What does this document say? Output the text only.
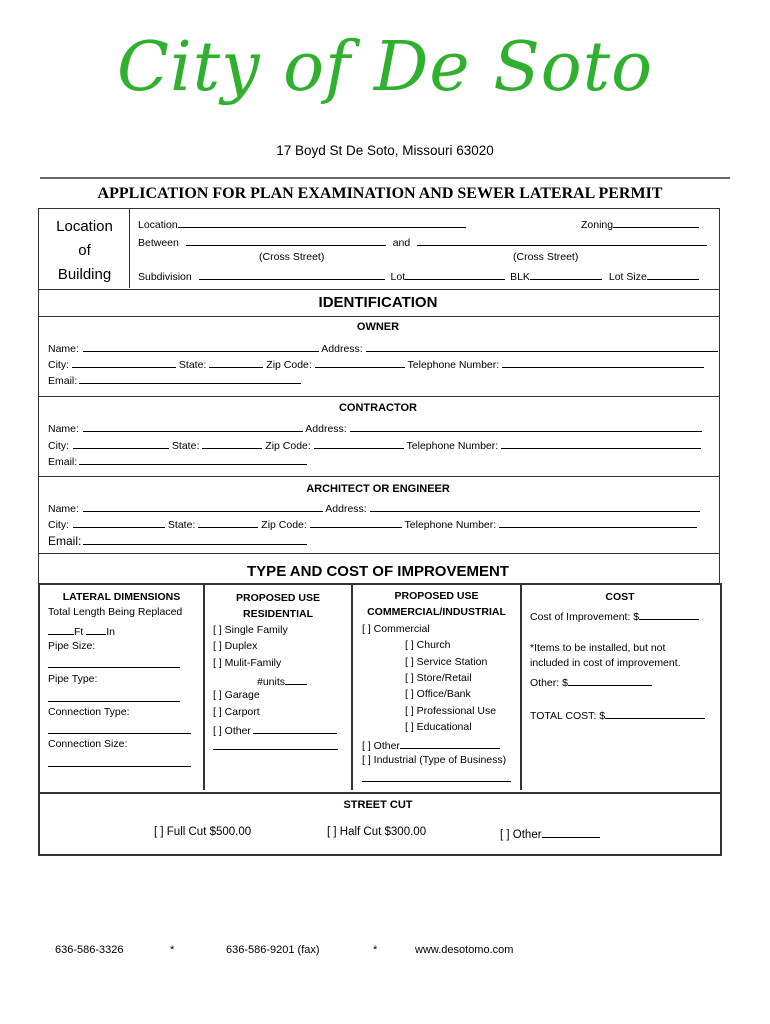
City of De Soto
17 Boyd St De Soto, Missouri 63020
APPLICATION FOR PLAN EXAMINATION AND SEWER LATERAL PERMIT
Location
of
Building
Location	Zoning
Between	and
(Cross Street)	(Cross Street)
Subdivision	Lot	BLK	Lot Size
IDENTIFICATION
OWNER
Name:	Address:
City:	State:	Zip Code:	Telephone Number:
Email:
CONTRACTOR
Name:	Address:
City:	State:	Zip Code:	Telephone Number:
Email:
ARCHITECT OR ENGINEER
Name:	Address:
City:	State:	Zip Code:	Telephone Number:
Email:
TYPE AND COST OF IMPROVEMENT
LATERAL DIMENSIONS
Total Length Being Replaced
Ft In
Pipe Size:
Pipe Type:
Connection Type:
Connection Size:
PROPOSED USE
RESIDENTIAL
[ ] Single Family
[ ] Duplex
[ ] Mulit-Family
#units
[ ] Garage
[ ] Carport
[ ] Other
PROPOSED USE
COMMERCIAL/INDUSTRIAL
[ ] Commercial
[ ] Church
[ ] Service Station
[ ] Store/Retail
[ ] Office/Bank
[ ] Professional Use
[ ] Educational
[ ] Other
[ ] Industrial (Type of Business)
COST
Cost of Improvement: $
*Items to be installed, but not
included in cost of improvement.
Other: $
TOTAL COST: $
STREET CUT
[ ] Full Cut $500.00	[ ] Half Cut $300.00	[ ] Other
636-586-3326	*	636-586-9201 (fax)	*	www.desotomo.com
